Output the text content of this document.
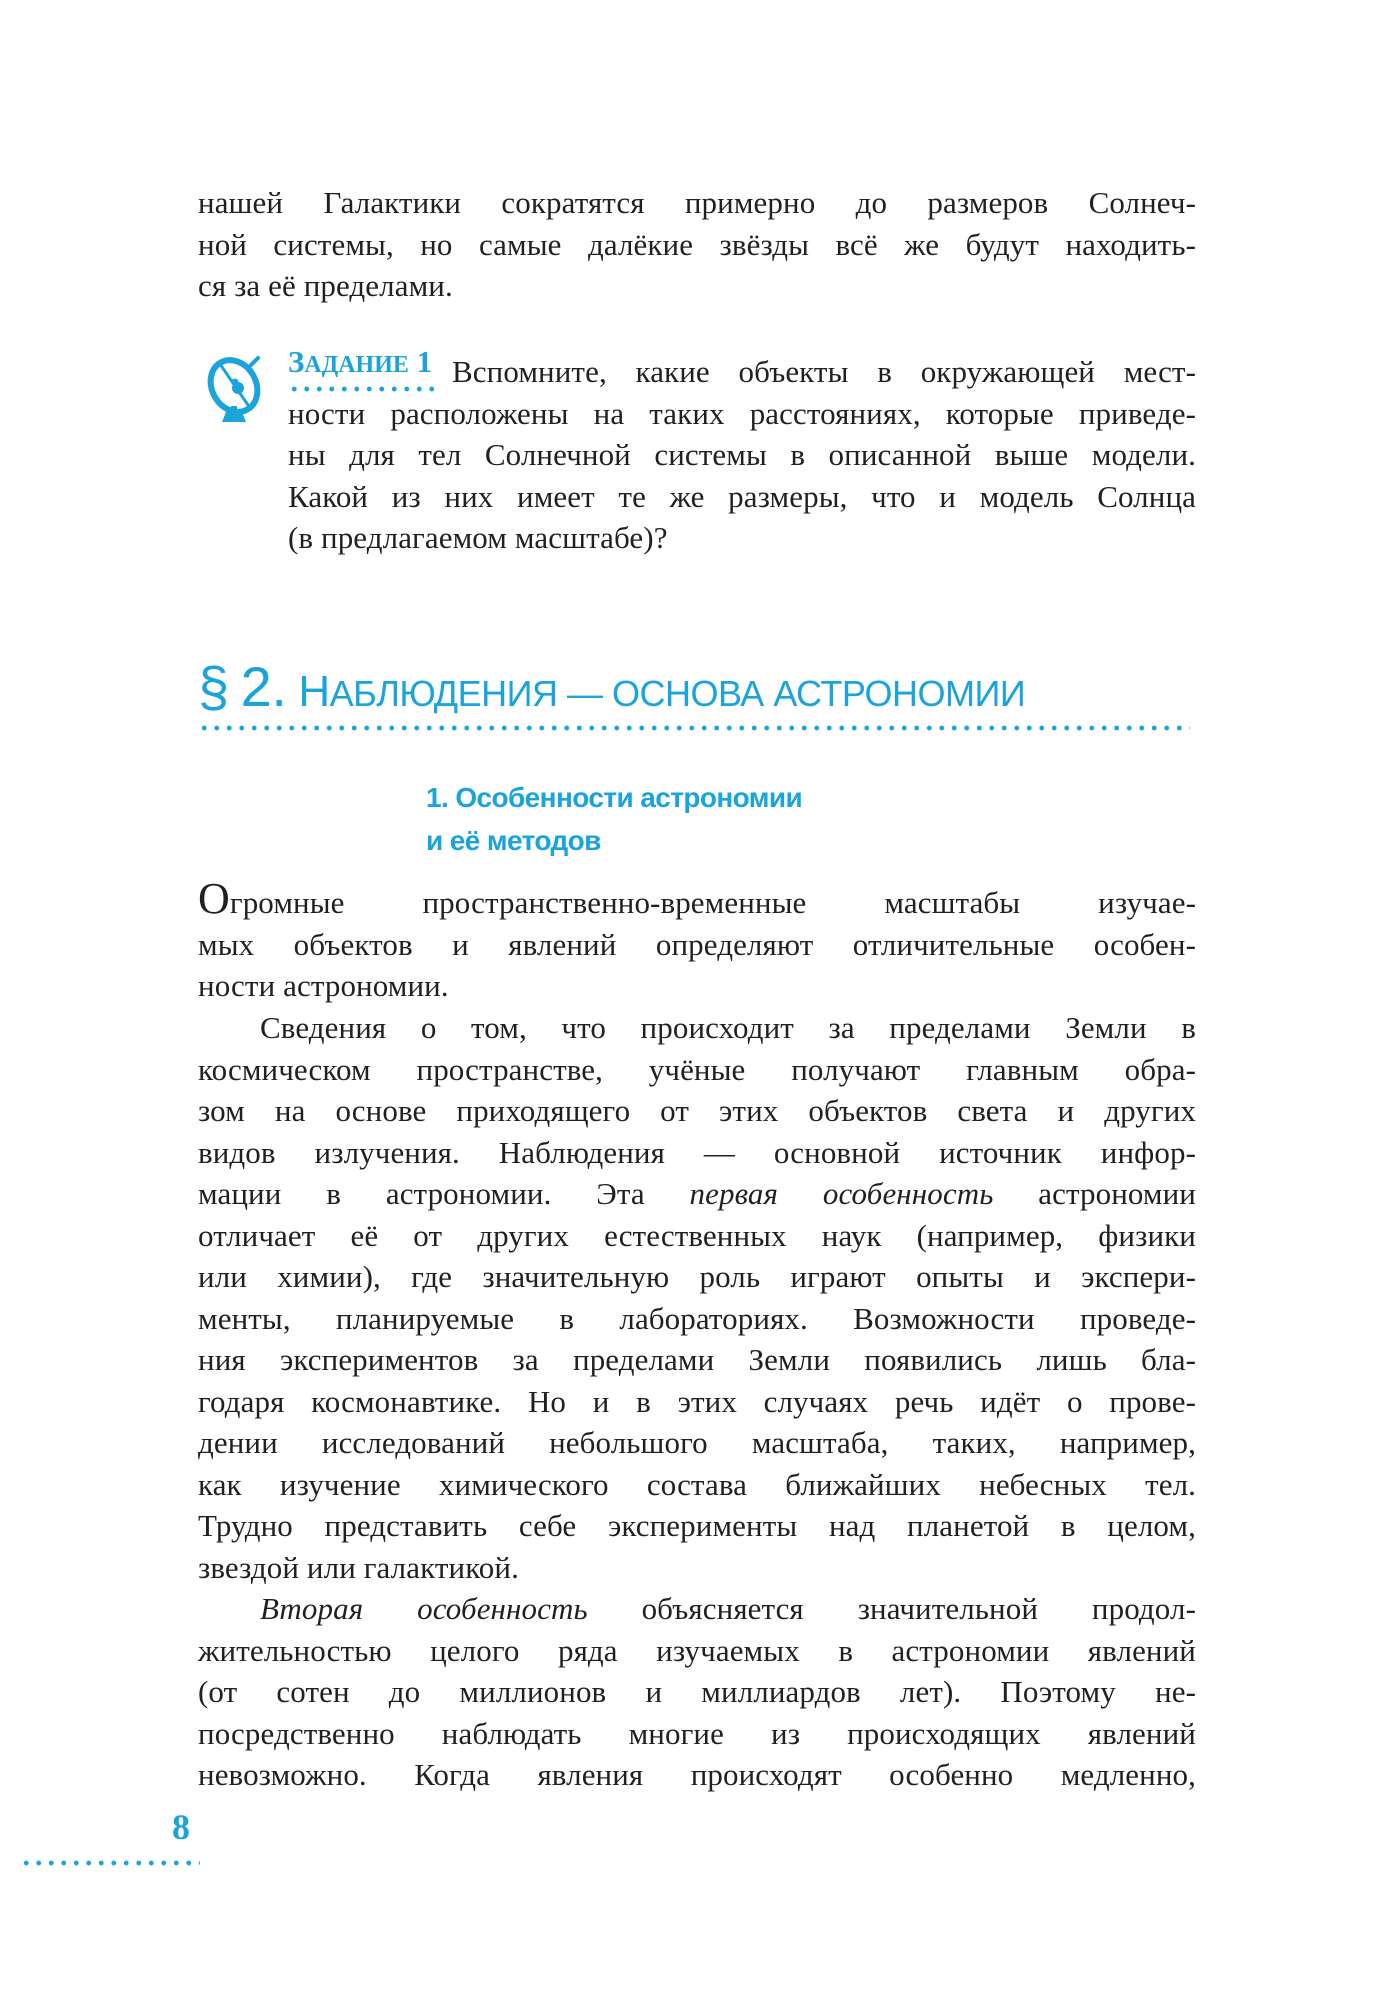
нашей Галактики сократятся примерно до размеров Солнеч-
ной системы, но самые далёкие звёзды всё же будут находить-
ся за её пределами.
ЗАДАНИЕ 1 Вспомните, какие объекты в окружающей мест-
ности расположены на таких расстояниях, которые приведе-
ны для тел Солнечной системы в описанной выше модели.
Какой из них имеет те же размеры, что и модель Солнца
(в предлагаемом масштабе)?
§ 2. НАБЛЮДЕНИЯ — ОСНОВА АСТРОНОМИИ
1. Особенности астрономии
и её методов
Огромные пространственно-временные масштабы изучае-
мых объектов и явлений определяют отличительные особен-
ности астрономии.
Сведения о том, что происходит за пределами Земли в
космическом пространстве, учёные получают главным обра-
зом на основе приходящего от этих объектов света и других
видов излучения. Наблюдения — основной источник инфор-
мации в астрономии. Эта первая особенность астрономии
отличает её от других естественных наук (например, физики
или химии), где значительную роль играют опыты и экспери-
менты, планируемые в лабораториях. Возможности проведе-
ния экспериментов за пределами Земли появились лишь бла-
годаря космонавтике. Но и в этих случаях речь идёт о прове-
дении исследований небольшого масштаба, таких, например,
как изучение химического состава ближайших небесных тел.
Трудно представить себе эксперименты над планетой в целом,
звездой или галактикой.
Вторая особенность объясняется значительной продол-
жительностью целого ряда изучаемых в астрономии явлений
(от сотен до миллионов и миллиардов лет). Поэтому не-
посредственно наблюдать многие из происходящих явлений
невозможно. Когда явления происходят особенно медленно,
8
